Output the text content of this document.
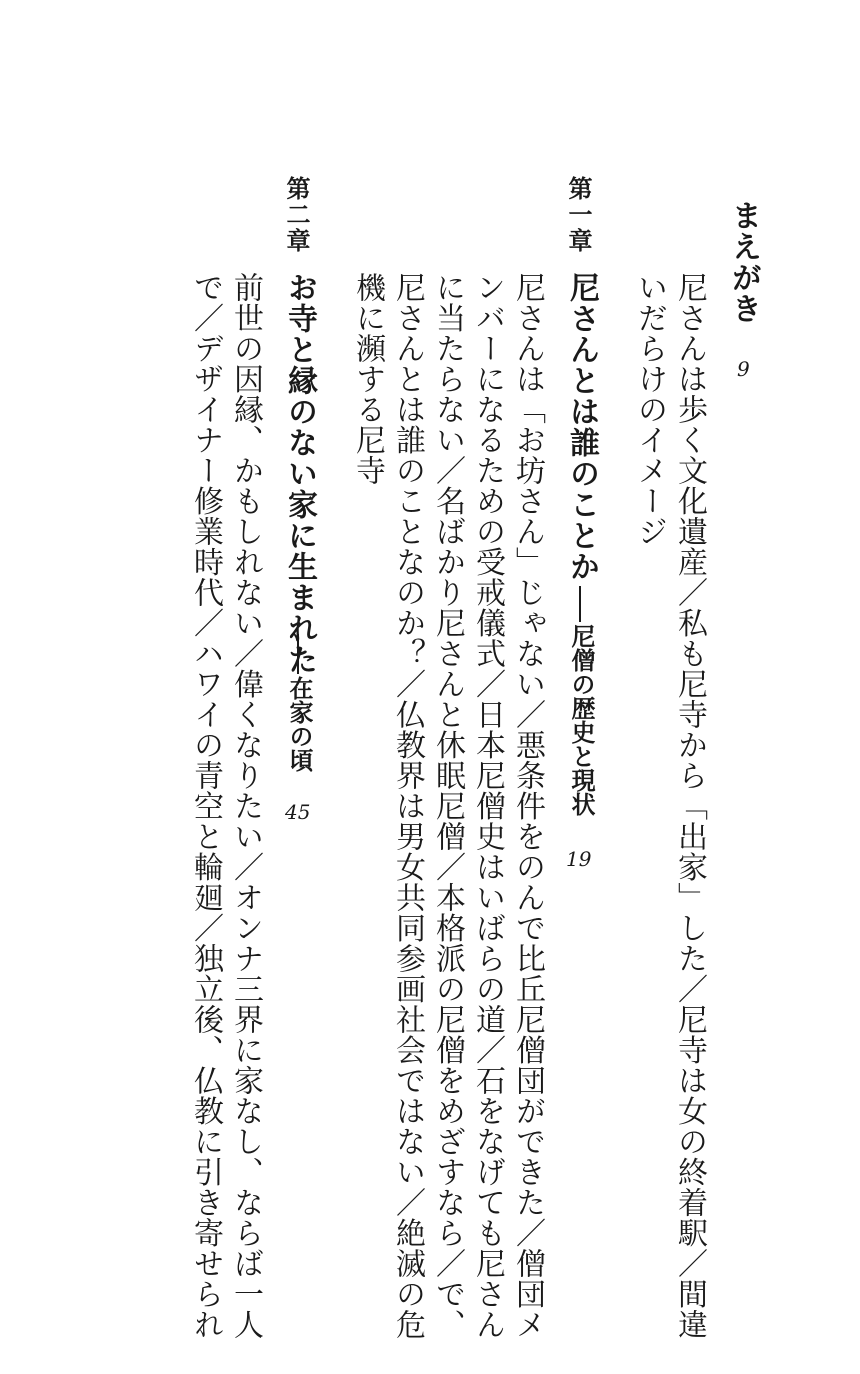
まえがき
9
尼さんは歩く文化遺産／私も尼寺から「出家」した／尼寺は女の終着駅／間違
いだらけのイメージ
第一章
尼さんとは誰のことか
尼僧の歴史と現状
19
尼さんは「お坊さん」じゃない／悪条件をのんで比丘尼僧団ができた／僧団メ
ンバーになるための受戒儀式／日本尼僧史はいばらの道／石をなげても尼さん
に当たらない／名ばかり尼さんと休眠尼僧／本格派の尼僧をめざすなら／で、
尼さんとは誰のことなのか？／仏教界は男女共同参画社会ではない／絶滅の危
機に瀕する尼寺
第二章
お寺と縁のない家に生まれた
在家の頃
45
前世の因縁、かもしれない／偉くなりたい／オンナ三界に家なし、ならば一人
で／デザイナー修業時代／ハワイの青空と輪廻／独立後、仏教に引き寄せられ
